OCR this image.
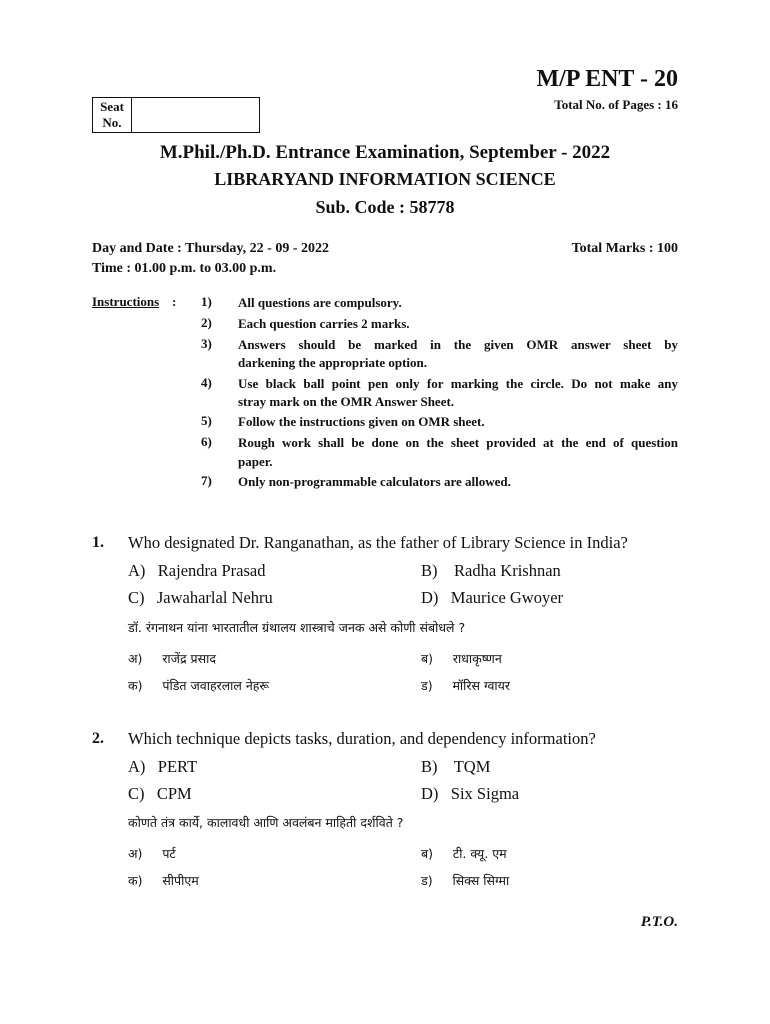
M/P ENT - 20
Total No. of Pages : 16
Seat
No.
M.Phil./Ph.D. Entrance Examination, September - 2022
LIBRARYAND INFORMATION SCIENCE
Sub. Code : 58778
Day and Date : Thursday, 22 - 09 - 2022
Time : 01.00 p.m. to 03.00 p.m.
Total Marks : 100
Instructions : 1) All questions are compulsory.
2) Each question carries 2 marks.
3) Answers should be marked in the given OMR answer sheet by
darkening the appropriate option.
4) Use black ball point pen only for marking the circle. Do not make any
stray mark on the OMR Answer Sheet.
5) Follow the instructions given on OMR sheet.
6) Rough work shall be done on the sheet provided at the end of question
paper.
7) Only non-programmable calculators are allowed.
1. Who designated Dr. Ranganathan, as the father of Library Science in India?
A) Rajendra Prasad	B) Radha Krishnan
C) Jawaharlal Nehru	D) Maurice Gwoyer
डॉ. रंगनाथन यांना भारतातील ग्रंथालय शास्त्राचे जनक असे कोणी संबोधले ?
अ) राजेंद्र प्रसाद	ब) राधाकृष्णन
क) पंडित जवाहरलाल नेहरू	ड) मॉरिस ग्वायर
2. Which technique depicts tasks, duration, and dependency information?
A) PERT	B) TQM
C) CPM	D) Six Sigma
कोणते तंत्र कार्ये, कालावधी आणि अवलंबन माहिती दर्शविते ?
अ) पर्ट	ब) टी. क्यू. एम
क) सीपीएम	ड) सिक्स सिग्मा
P.T.O.
